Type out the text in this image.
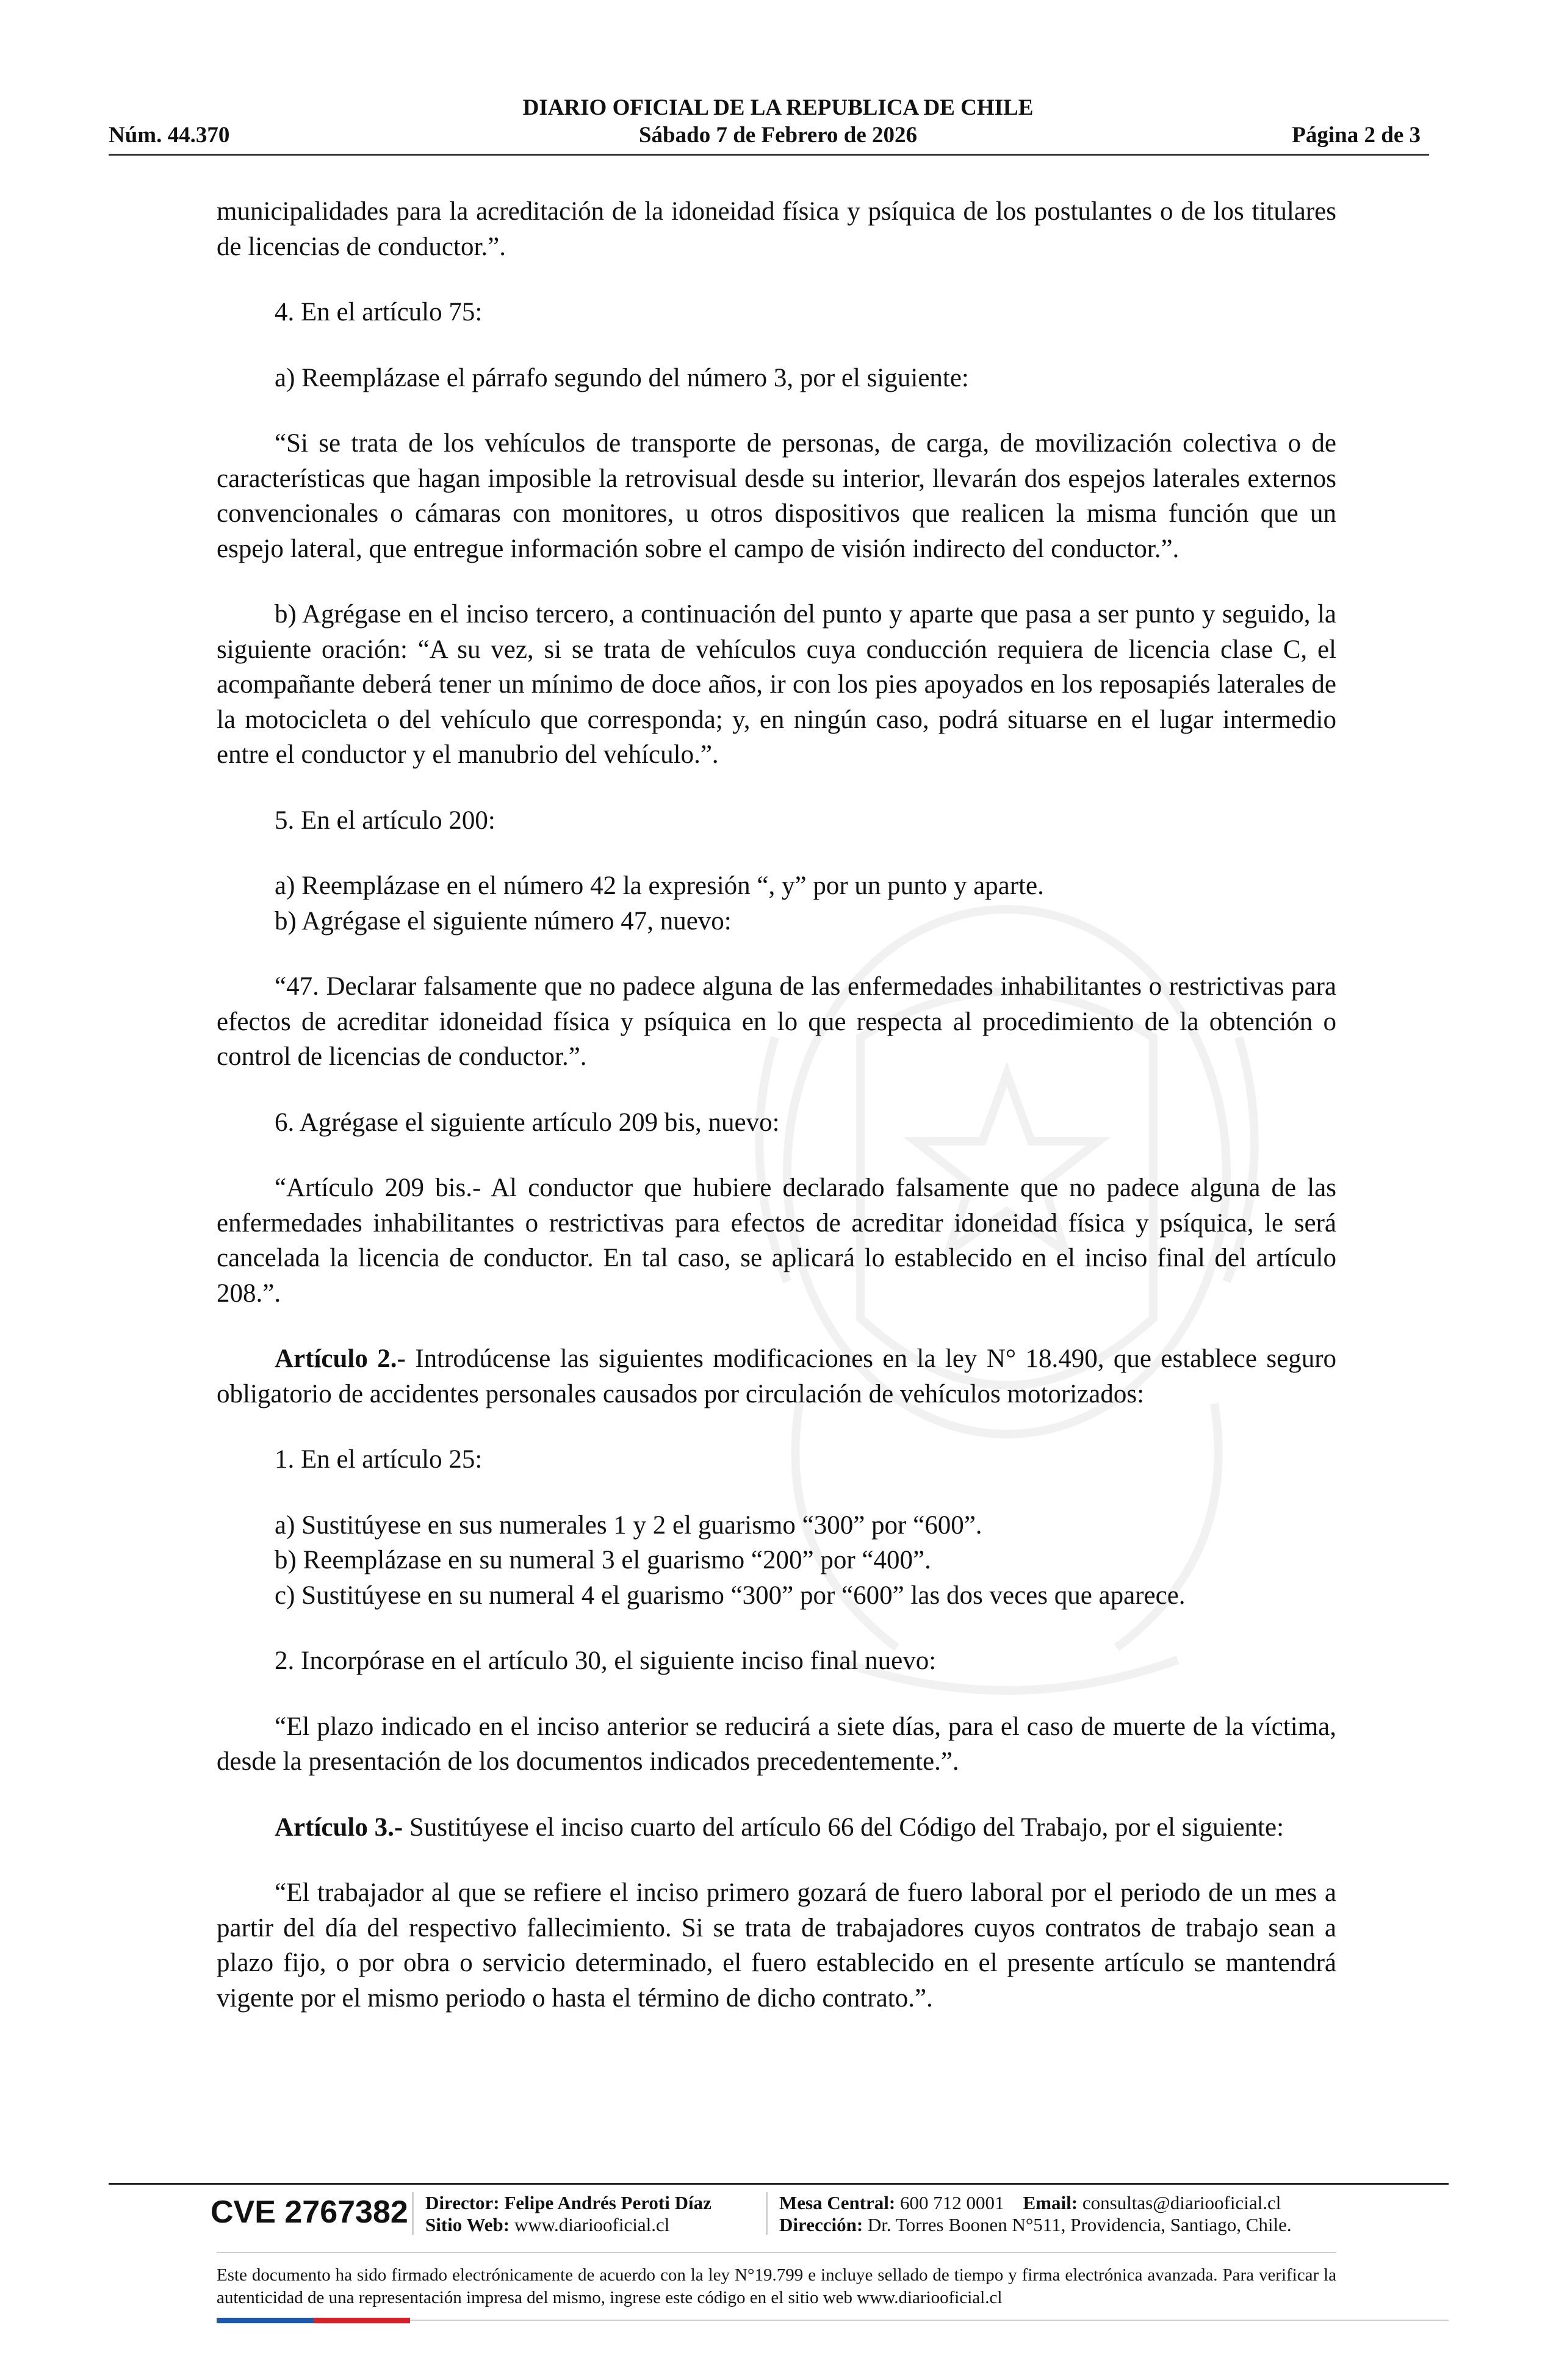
DIARIO OFICIAL DE LA REPUBLICA DE CHILE
Núm. 44.370	Sábado 7 de Febrero de 2026	Página 2 de 3

municipalidades para la acreditación de la idoneidad física y psíquica de los postulantes o de los titulares de licencias de conductor.”.

4. En el artículo 75:

a) Reemplázase el párrafo segundo del número 3, por el siguiente:

“Si se trata de los vehículos de transporte de personas, de carga, de movilización colectiva o de características que hagan imposible la retrovisual desde su interior, llevarán dos espejos laterales externos convencionales o cámaras con monitores, u otros dispositivos que realicen la misma función que un espejo lateral, que entregue información sobre el campo de visión indirecto del conductor.”.

b) Agrégase en el inciso tercero, a continuación del punto y aparte que pasa a ser punto y seguido, la siguiente oración: “A su vez, si se trata de vehículos cuya conducción requiera de licencia clase C, el acompañante deberá tener un mínimo de doce años, ir con los pies apoyados en los reposapiés laterales de la motocicleta o del vehículo que corresponda; y, en ningún caso, podrá situarse en el lugar intermedio entre el conductor y el manubrio del vehículo.”.

5. En el artículo 200:

a) Reemplázase en el número 42 la expresión “, y” por un punto y aparte.

b) Agrégase el siguiente número 47, nuevo:

“47. Declarar falsamente que no padece alguna de las enfermedades inhabilitantes o restrictivas para efectos de acreditar idoneidad física y psíquica en lo que respecta al procedimiento de la obtención o control de licencias de conductor.”.

6. Agrégase el siguiente artículo 209 bis, nuevo:

“Artículo 209 bis.- Al conductor que hubiere declarado falsamente que no padece alguna de las enfermedades inhabilitantes o restrictivas para efectos de acreditar idoneidad física y psíquica, le será cancelada la licencia de conductor. En tal caso, se aplicará lo establecido en el inciso final del artículo 208.”.

Artículo 2.- Introdúcense las siguientes modificaciones en la ley N° 18.490, que establece seguro obligatorio de accidentes personales causados por circulación de vehículos motorizados:

1. En el artículo 25:

a) Sustitúyese en sus numerales 1 y 2 el guarismo “300” por “600”.

b) Reemplázase en su numeral 3 el guarismo “200” por “400”.

c) Sustitúyese en su numeral 4 el guarismo “300” por “600” las dos veces que aparece.

2. Incorpórase en el artículo 30, el siguiente inciso final nuevo:

“El plazo indicado en el inciso anterior se reducirá a siete días, para el caso de muerte de la víctima, desde la presentación de los documentos indicados precedentemente.”.

Artículo 3.- Sustitúyese el inciso cuarto del artículo 66 del Código del Trabajo, por el siguiente:

“El trabajador al que se refiere el inciso primero gozará de fuero laboral por el periodo de un mes a partir del día del respectivo fallecimiento. Si se trata de trabajadores cuyos contratos de trabajo sean a plazo fijo, o por obra o servicio determinado, el fuero establecido en el presente artículo se mantendrá vigente por el mismo periodo o hasta el término de dicho contrato.”.

CVE 2767382 Director: Felipe Andrés Peroti Díaz
Sitio Web: www.diariooficial.cl
Mesa Central: 600 712 0001 Email: consultas@diariooficial.cl
Dirección: Dr. Torres Boonen N°511, Providencia, Santiago, Chile.
Este documento ha sido firmado electrónicamente de acuerdo con la ley N°19.799 e incluye sellado de tiempo y firma electrónica avanzada. Para verificar la autenticidad de una representación impresa del mismo, ingrese este código en el sitio web www.diariooficial.cl
